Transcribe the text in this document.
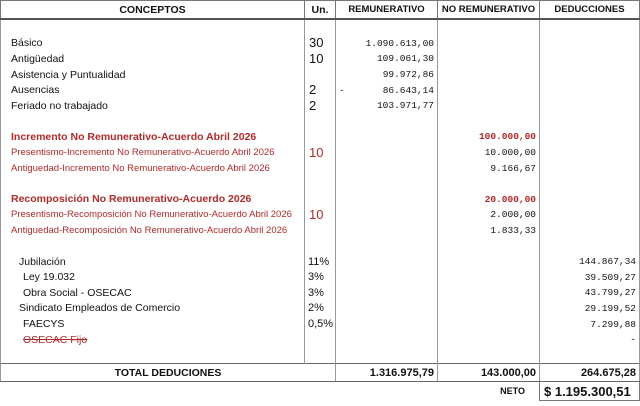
CONCEPTOS	Un.	REMUNERATIVO	NO REMUNERATIVO	DEDUCCIONES

Básico	30	1.090.613,00		
Antigüedad	10	109.061,30		
Asistencia y Puntualidad		99.972,86		
Ausencias	2	- 86.643,14		
Feriado no trabajado	2	103.971,77		

Incremento No Remunerativo-Acuerdo Abril 2026			100.000,00	
Presentismo-Incremento No Remunerativo-Acuerdo Abril 2026	10		10.000,00	
Antiguedad-Incremento No Remunerativo-Acuerdo Abril 2026			9.166,67	

Recomposición No Remunerativo-Acuerdo 2026			20.000,00	
Presentismo-Recomposición No Remunerativo-Acuerdo Abril 2026	10		2.000,00	
Antiguedad-Recomposición No Remunerativo-Acuerdo Abril 2026			1.833,33	

Jubilación	11%			144.867,34
Ley 19.032	3%			39.509,27
Obra Social - OSECAC	3%			43.799,27
Sindicato Empleados de Comercio	2%			29.199,52
FAECYS	0,5%			7.299,88
OSECAC Fijo				-

TOTAL DEDUCIONES		1.316.975,79	143.000,00	264.675,28
			NETO	$ 1.195.300,51
